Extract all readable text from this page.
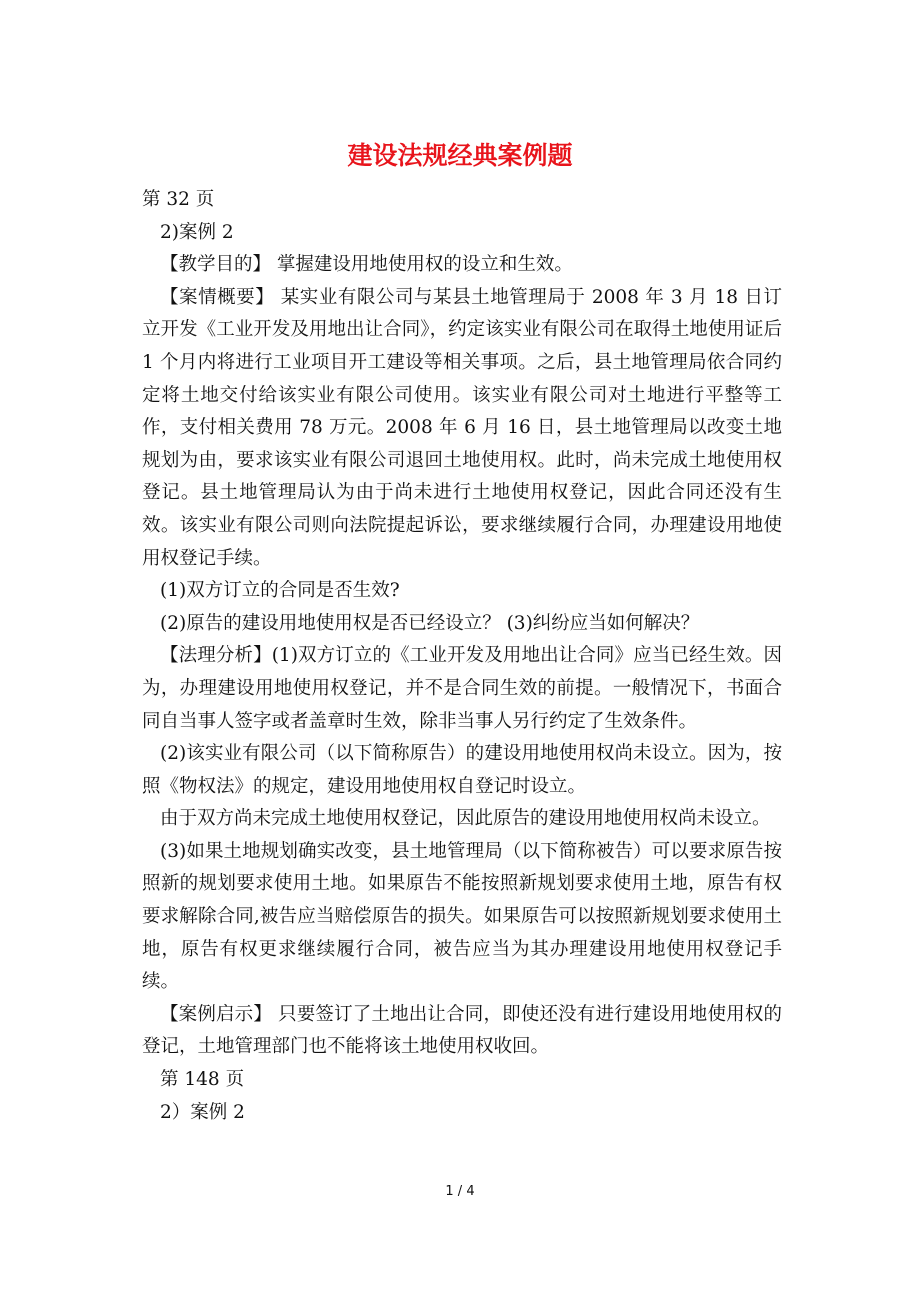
建设法规经典案例题

第 32 页

2)案例 2

【教学目的】 掌握建设用地使用权的设立和生效。

【案情概要】 某实业有限公司与某县土地管理局于 2008 年 3 月 18 日订立开发《工业开发及用地出让合同》，约定该实业有限公司在取得土地使用证后 1 个月内将进行工业项目开工建设等相关事项。之后，县土地管理局依合同约定将土地交付给该实业有限公司使用。该实业有限公司对土地进行平整等工作，支付相关费用 78 万元。2008 年 6 月 16 日，县土地管理局以改变土地规划为由，要求该实业有限公司退回土地使用权。此时，尚未完成土地使用权登记。县土地管理局认为由于尚未进行土地使用权登记，因此合同还没有生效。该实业有限公司则向法院提起诉讼，要求继续履行合同，办理建设用地使用权登记手续。

(1)双方订立的合同是否生效?

(2)原告的建设用地使用权是否已经设立？ (3)纠纷应当如何解决？

【法理分析】(1)双方订立的《工业开发及用地出让合同》应当已经生效。因为，办理建设用地使用权登记，并不是合同生效的前提。一般情况下，书面合同自当事人签字或者盖章时生效，除非当事人另行约定了生效条件。

(2)该实业有限公司（以下简称原告）的建设用地使用权尚未设立。因为，按照《物权法》的规定，建设用地使用权自登记时设立。

由于双方尚未完成土地使用权登记，因此原告的建设用地使用权尚未设立。

(3)如果土地规划确实改变，县土地管理局（以下简称被告）可以要求原告按照新的规划要求使用土地。如果原告不能按照新规划要求使用土地，原告有权要求解除合同,被告应当赔偿原告的损失。如果原告可以按照新规划要求使用土地，原告有权更求继续履行合同，被告应当为其办理建设用地使用权登记手续。

【案例启示】 只要签订了土地出让合同，即使还没有进行建设用地使用权的登记，土地管理部门也不能将该土地使用权收回。

第 148 页

2）案例 2

1 / 4
